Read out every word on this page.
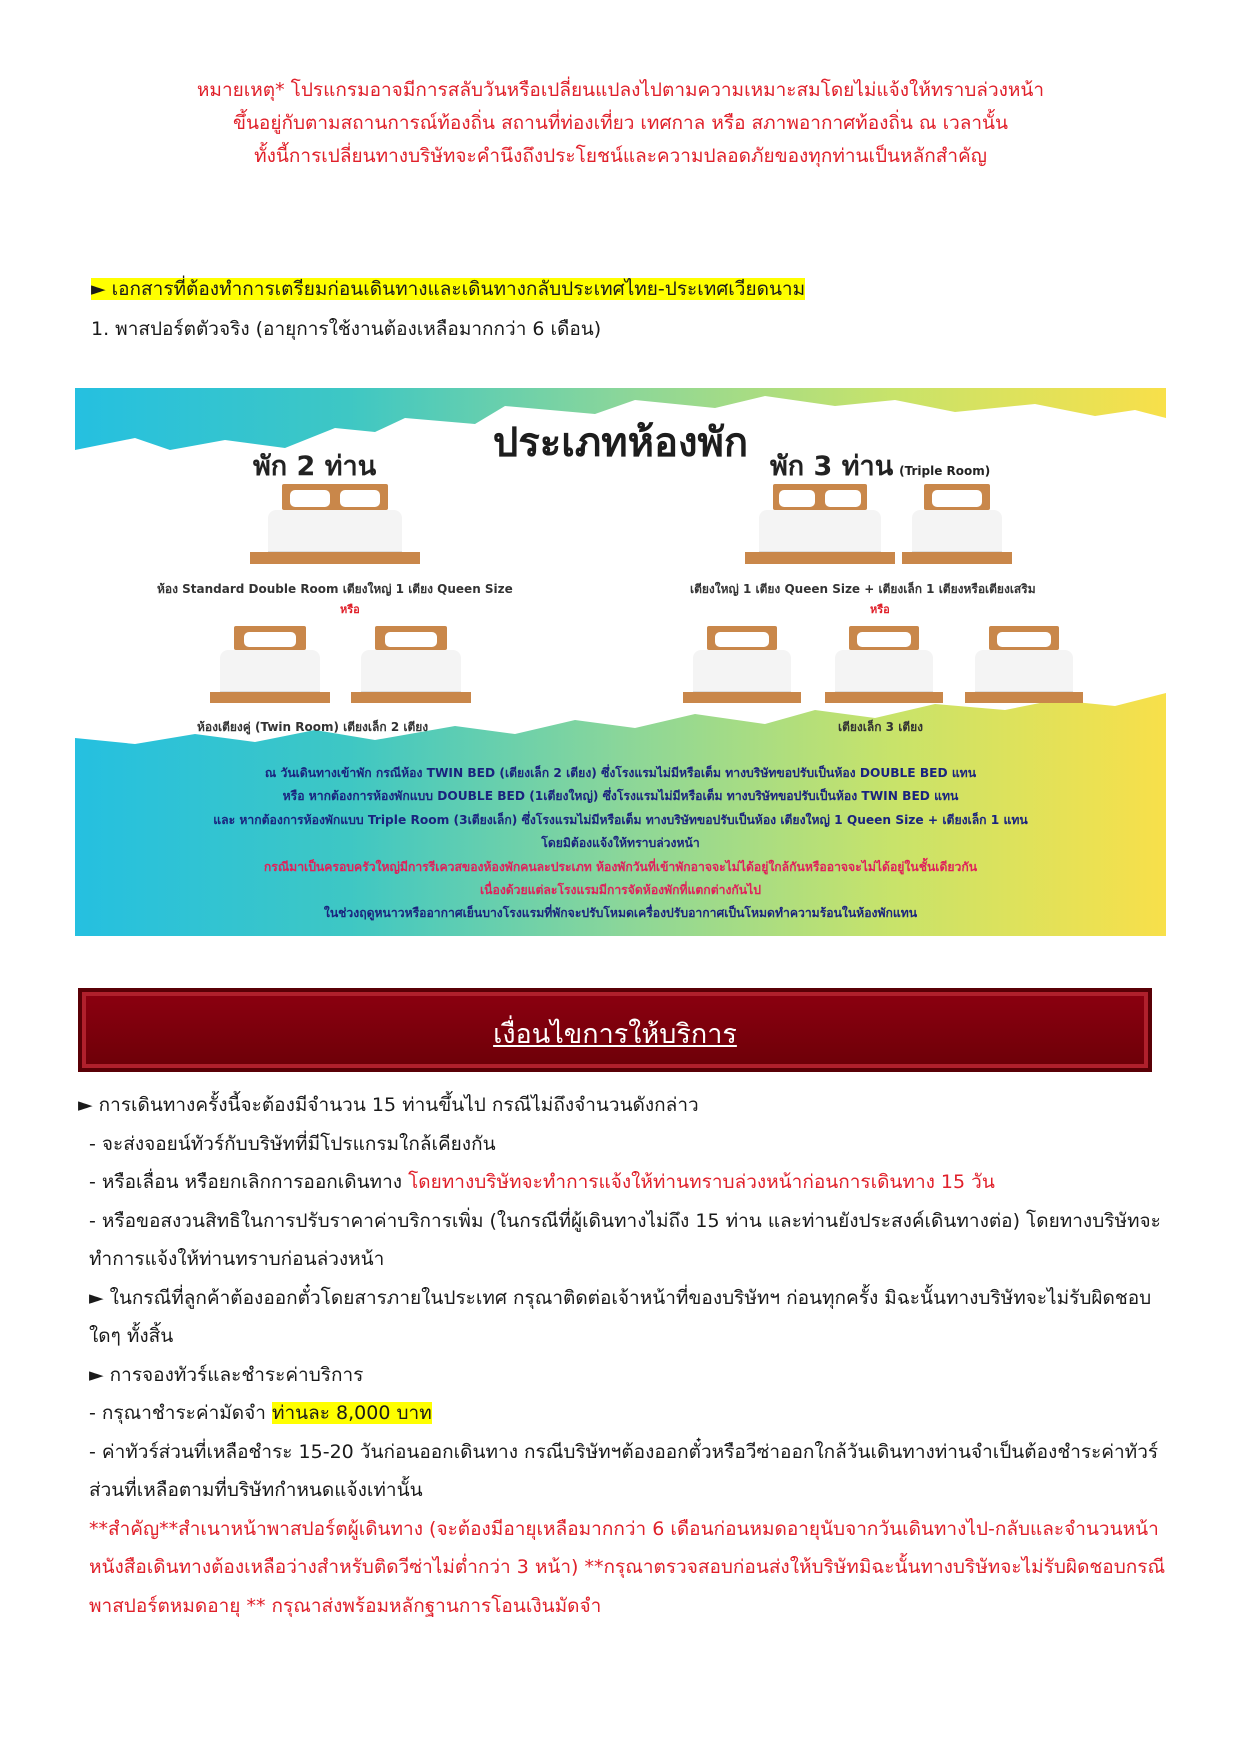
หมายเหตุ* โปรแกรมอาจมีการสลับวันหรือเปลี่ยนแปลงไปตามความเหมาะสมโดยไม่แจ้งให้ทราบล่วงหน้า
ขึ้นอยู่กับตามสถานการณ์ท้องถิ่น สถานที่ท่องเที่ยว เทศกาล หรือ สภาพอากาศท้องถิ่น ณ เวลานั้น
ทั้งนี้การเปลี่ยนทางบริษัทจะคำนึงถึงประโยชน์และความปลอดภัยของทุกท่านเป็นหลักสำคัญ
► เอกสารที่ต้องทำการเตรียมก่อนเดินทางและเดินทางกลับประเทศไทย-ประเทศเวียดนาม
1. พาสปอร์ตตัวจริง (อายุการใช้งานต้องเหลือมากกว่า 6 เดือน)
ประเภทห้องพัก
พัก 2 ท่าน	พัก 3 ท่าน (Triple Room)
ห้อง Standard Double Room เตียงใหญ่ 1 เตียง Queen Size
หรือ
ห้องเตียงคู่ (Twin Room) เตียงเล็ก 2 เตียง
เตียงใหญ่ 1 เตียง Queen Size + เตียงเล็ก 1 เตียงหรือเตียงเสริม
หรือ
เตียงเล็ก 3 เตียง
ณ วันเดินทางเข้าพัก กรณีห้อง TWIN BED (เตียงเล็ก 2 เตียง) ซึ่งโรงแรมไม่มีหรือเต็ม ทางบริษัทขอปรับเป็นห้อง DOUBLE BED แทน
หรือ หากต้องการห้องพักแบบ DOUBLE BED (1เตียงใหญ่) ซึ่งโรงแรมไม่มีหรือเต็ม ทางบริษัทขอปรับเป็นห้อง TWIN BED แทน
และ หากต้องการห้องพักแบบ Triple Room (3เตียงเล็ก) ซึ่งโรงแรมไม่มีหรือเต็ม ทางบริษัทขอปรับเป็นห้อง เตียงใหญ่ 1 Queen Size + เตียงเล็ก 1 แทน
โดยมิต้องแจ้งให้ทราบล่วงหน้า
กรณีมาเป็นครอบครัวใหญ่มีการรีเควสของห้องพักคนละประเภท ห้องพักวันที่เข้าพักอาจจะไม่ได้อยู่ใกล้กันหรืออาจจะไม่ได้อยู่ในชั้นเดียวกัน
เนื่องด้วยแต่ละโรงแรมมีการจัดห้องพักที่แตกต่างกันไป
ในช่วงฤดูหนาวหรืออากาศเย็นบางโรงแรมที่พักจะปรับโหมดเครื่องปรับอากาศเป็นโหมดทำความร้อนในห้องพักแทน
เงื่อนไขการให้บริการ

► การเดินทางครั้งนี้จะต้องมีจำนวน 15 ท่านขึ้นไป กรณีไม่ถึงจำนวนดังกล่าว

- จะส่งจอยน์ทัวร์กับบริษัทที่มีโปรแกรมใกล้เคียงกัน

- หรือเลื่อน หรือยกเลิกการออกเดินทาง โดยทางบริษัทจะทำการแจ้งให้ท่านทราบล่วงหน้าก่อนการเดินทาง 15 วัน

- หรือขอสงวนสิทธิในการปรับราคาค่าบริการเพิ่ม (ในกรณีที่ผู้เดินทางไม่ถึง 15 ท่าน และท่านยังประสงค์เดินทางต่อ) โดยทางบริษัทจะทำการแจ้งให้ท่านทราบก่อนล่วงหน้า

► ในกรณีที่ลูกค้าต้องออกตั๋วโดยสารภายในประเทศ กรุณาติดต่อเจ้าหน้าที่ของบริษัทฯ ก่อนทุกครั้ง มิฉะนั้นทางบริษัทจะไม่รับผิดชอบใดๆ ทั้งสิ้น

► การจองทัวร์และชำระค่าบริการ

- กรุณาชำระค่ามัดจำ ท่านละ 8,000 บาท

- ค่าทัวร์ส่วนที่เหลือชำระ 15-20 วันก่อนออกเดินทาง กรณีบริษัทฯต้องออกตั๋วหรือวีซ่าออกใกล้วันเดินทางท่านจำเป็นต้องชำระค่าทัวร์ส่วนที่เหลือตามที่บริษัทกำหนดแจ้งเท่านั้น

**สำคัญ**สำเนาหน้าพาสปอร์ตผู้เดินทาง (จะต้องมีอายุเหลือมากกว่า 6 เดือนก่อนหมดอายุนับจากวันเดินทางไป-กลับและจำนวนหน้าหนังสือเดินทางต้องเหลือว่างสำหรับติดวีซ่าไม่ต่ำกว่า 3 หน้า) **กรุณาตรวจสอบก่อนส่งให้บริษัทมิฉะนั้นทางบริษัทจะไม่รับผิดชอบกรณีพาสปอร์ตหมดอายุ ** กรุณาส่งพร้อมหลักฐานการโอนเงินมัดจำ
